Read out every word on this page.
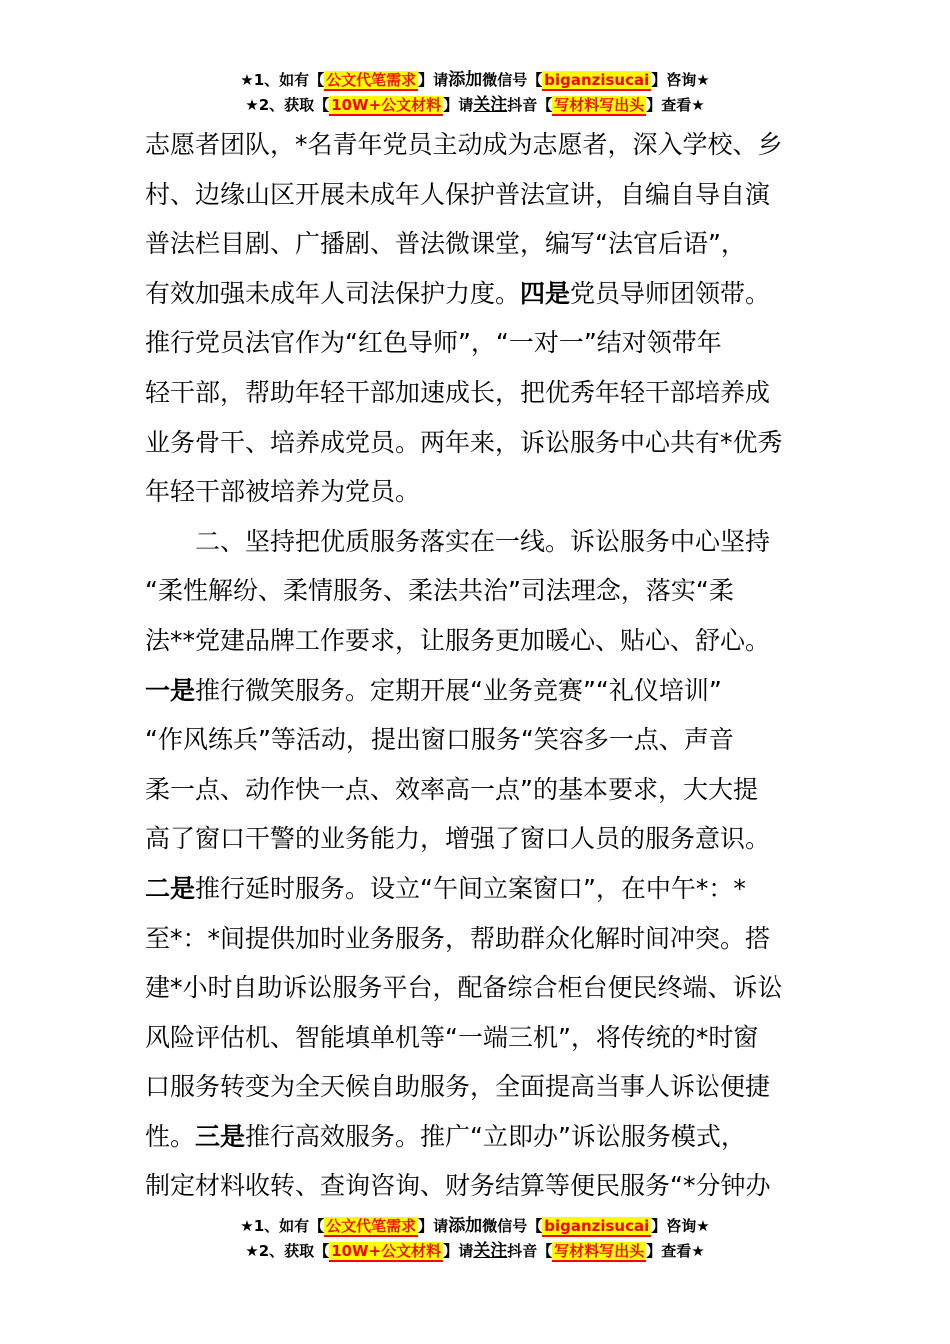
★1、如有【 公文代笔需求 】请添加微信号【 biganzisucai 】咨询★
★2、获取【 10W+公文材料 】请关注抖音【 写材料写出头 】查看★
志愿者团队，*名青年党员主动成为志愿者，深入学校、乡
村、边缘山区开展未成年人保护普法宣讲，自编自导自演
普法栏目剧、广播剧、普法微课堂，编写“法官后语”，
有效加强未成年人司法保护力度。四是党员导师团领带。
推行党员法官作为“红色导师”，“一对一”结对领带年
轻干部，帮助年轻干部加速成长，把优秀年轻干部培养成
业务骨干、培养成党员。两年来，诉讼服务中心共有*优秀
年轻干部被培养为党员。
　　二、坚持把优质服务落实在一线。诉讼服务中心坚持
“柔性解纷、柔情服务、柔法共治”司法理念，落实“柔
法**党建品牌工作要求，让服务更加暖心、贴心、舒心。
一是推行微笑服务。定期开展“业务竞赛”“礼仪培训”
“作风练兵”等活动，提出窗口服务“笑容多一点、声音
柔一点、动作快一点、效率高一点”的基本要求，大大提
高了窗口干警的业务能力，增强了窗口人员的服务意识。
二是推行延时服务。设立“午间立案窗口”，在中午*：*
至*：*间提供加时业务服务，帮助群众化解时间冲突。搭
建*小时自助诉讼服务平台，配备综合柜台便民终端、诉讼
风险评估机、智能填单机等“一端三机”，将传统的*时窗
口服务转变为全天候自助服务，全面提高当事人诉讼便捷
性。三是推行高效服务。推广“立即办”诉讼服务模式，
制定材料收转、查询咨询、财务结算等便民服务“*分钟办
★1、如有【 公文代笔需求 】请添加微信号【 biganzisucai 】咨询★
★2、获取【 10W+公文材料 】请关注抖音【 写材料写出头 】查看★
